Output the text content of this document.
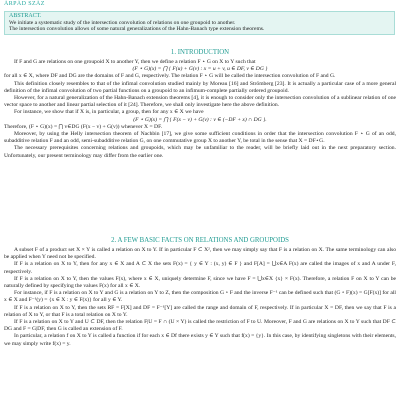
ÁRPÁD SZÁZ
ABSTRACT.
We initiate a systematic study of the intersection convolution of relations on one groupoid to another.
The intersection convolution allows of some natural generalizations of the Hahn-Banach type extension theorems.
1. INTRODUCTION

If F and G are relations on one groupoid X to another Y, then we define a relation F ⋆ G on X to Y such that

(F ⋆ G)(x) = ⋂ { F(u) + G(v) : x = u + v, u ∈ DF, v ∈ DG }

for all x ∈ X, where DF and DG are the domains of F and G, respectively. The relation F ⋆ G will be called the intersection convolution of F and G.

This definition closely resembles to that of the infimal convolution studied mainly by Moreau [16] and Strömberg [23]. It is actually a particular case of a more general definition of the infimal convolution of two partial functions on a groupoid to an infimum-complete partially ordered groupoid.

However, for a natural generalization of the Hahn-Banach extension theorems [4], it is enough to consider only the intersection convolution of a sublinear relation of one vector space to another and linear partial selection of it [24]. Therefore, we shall only investigate here the above definition.

For instance, we show that if X is, in particular, a group, then for any x ∈ X we have

(F ⋆ G)(x) = ⋂ { F(x − v) + G(v) : v ∈ (−DF + x) ∩ DG }.

Therefore, (F ⋆ G)(x) = ⋂ v∈DG (F(x − v) + G(v)) whenever X = DF.

Moreover, by using the Helly intersection theorem of Nachbin [17], we give some sufficient conditions in order that the intersection convolution F ⋆ G of an odd, subadditive relation F and an odd, semi-subadditive relation G, on one commutative group X to another Y, be total in the sense that X = DF⋆G.

The necessary prerequisites concerning relations and groupoids, which may be unfamiliar to the reader, will be briefly laid out in the next preparatory section. Unfortunately, our present terminology may differ from the earlier one.

2. A FEW BASIC FACTS ON RELATIONS AND GROUPOIDS

A subset F of a product set X × Y is called a relation on X to Y. If in particular F ⊂ X², then we may simply say that F is a relation on X. The same terminology can also be applied when Y need not be specified.

If F is a relation on X to Y, then for any x ∈ X and A ⊂ X the sets F(x) = { y ∈ Y : (x, y) ∈ F } and F[A] = ⋃x∈A F(x) are called the images of x and A under F, respectively.

If F is a relation on X to Y, then the values F(x), where x ∈ X, uniquely determine F, since we have F = ⋃x∈X {x} × F(x). Therefore, a relation F on X to Y can be naturally defined by specifying the values F(x) for all x ∈ X.

For instance, if F is a relation on X to Y and G is a relation on Y to Z, then the composition G ∘ F and the inverse F⁻¹ can be defined such that (G ∘ F)(x) = G[F(x)] for all x ∈ X and F⁻¹(y) = {x ∈ X : y ∈ F(x)} for all y ∈ Y.

If F is a relation on X to Y, then the sets RF = F[X] and DF = F⁻¹[Y] are called the range and domain of F, respectively. If in particular X = DF, then we say that F is a relation of X to Y, or that F is a total relation on X to Y.

If F is a relation on X to Y and U ⊂ DF, then the relation F|U = F ∩ (U × Y) is called the restriction of F to U. Moreover, F and G are relations on X to Y such that DF ⊂ DG and F = G|DF, then G is called an extension of F.

In particular, a relation f on X to Y is called a function if for each x ∈ Df there exists y ∈ Y such that f(x) = {y}. In this case, by identifying singletons with their elements, we may simply write f(x) = y.
